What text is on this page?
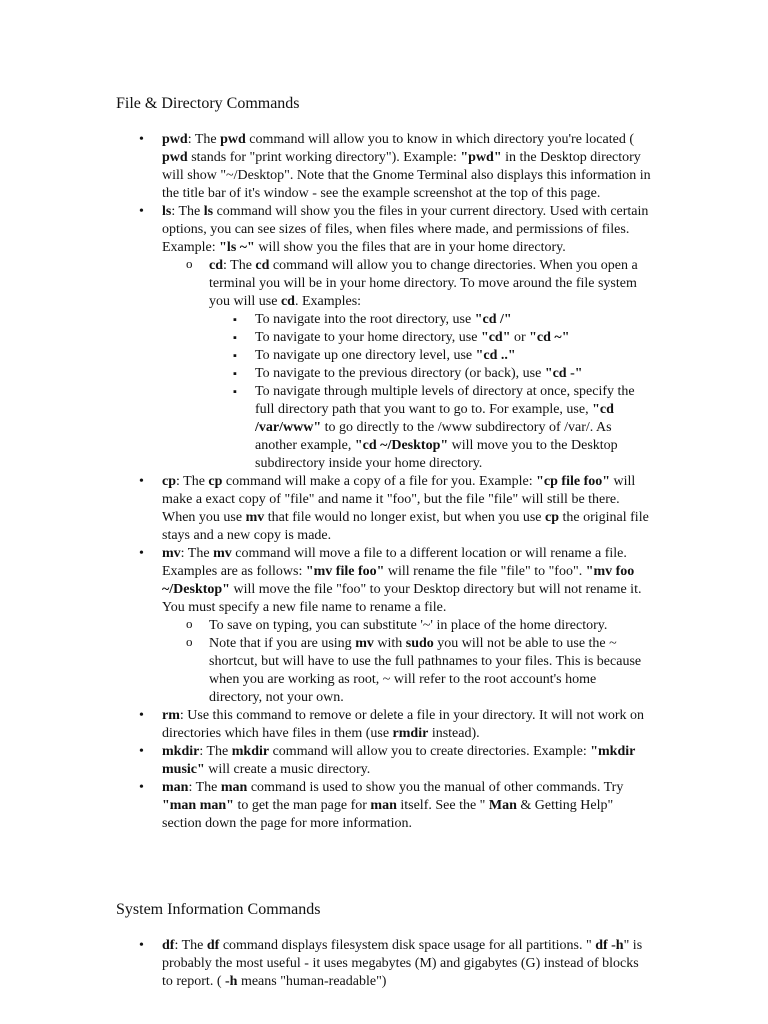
File & Directory Commands
• pwd: The pwd command will allow you to know in which directory you're located ( pwd stands for "print working directory"). Example: "pwd" in the Desktop directory will show "~/Desktop". Note that the Gnome Terminal also displays this information in the title bar of it's window - see the example screenshot at the top of this page.
• ls: The ls command will show you the files in your current directory. Used with certain options, you can see sizes of files, when files where made, and permissions of files. Example: "ls ~" will show you the files that are in your home directory.
o cd: The cd command will allow you to change directories. When you open a terminal you will be in your home directory. To move around the file system you will use cd. Examples:
▪ To navigate into the root directory, use "cd /"
▪ To navigate to your home directory, use "cd" or "cd ~"
▪ To navigate up one directory level, use "cd .."
▪ To navigate to the previous directory (or back), use "cd -"
▪ To navigate through multiple levels of directory at once, specify the full directory path that you want to go to. For example, use, "cd /var/www" to go directly to the /www subdirectory of /var/. As another example, "cd ~/Desktop" will move you to the Desktop subdirectory inside your home directory.
• cp: The cp command will make a copy of a file for you. Example: "cp file foo" will make a exact copy of "file" and name it "foo", but the file "file" will still be there. When you use mv that file would no longer exist, but when you use cp the original file stays and a new copy is made.
• mv: The mv command will move a file to a different location or will rename a file. Examples are as follows: "mv file foo" will rename the file "file" to "foo". "mv foo ~/Desktop" will move the file "foo" to your Desktop directory but will not rename it. You must specify a new file name to rename a file.
o To save on typing, you can substitute '~' in place of the home directory.
o Note that if you are using mv with sudo you will not be able to use the ~ shortcut, but will have to use the full pathnames to your files. This is because when you are working as root, ~ will refer to the root account's home directory, not your own.
• rm: Use this command to remove or delete a file in your directory. It will not work on directories which have files in them (use rmdir instead).
• mkdir: The mkdir command will allow you to create directories. Example: "mkdir music" will create a music directory.
• man: The man command is used to show you the manual of other commands. Try "man man" to get the man page for man itself. See the " Man & Getting Help" section down the page for more information.
System Information Commands
• df: The df command displays filesystem disk space usage for all partitions. " df -h" is probably the most useful - it uses megabytes (M) and gigabytes (G) instead of blocks to report. ( -h means "human-readable")
